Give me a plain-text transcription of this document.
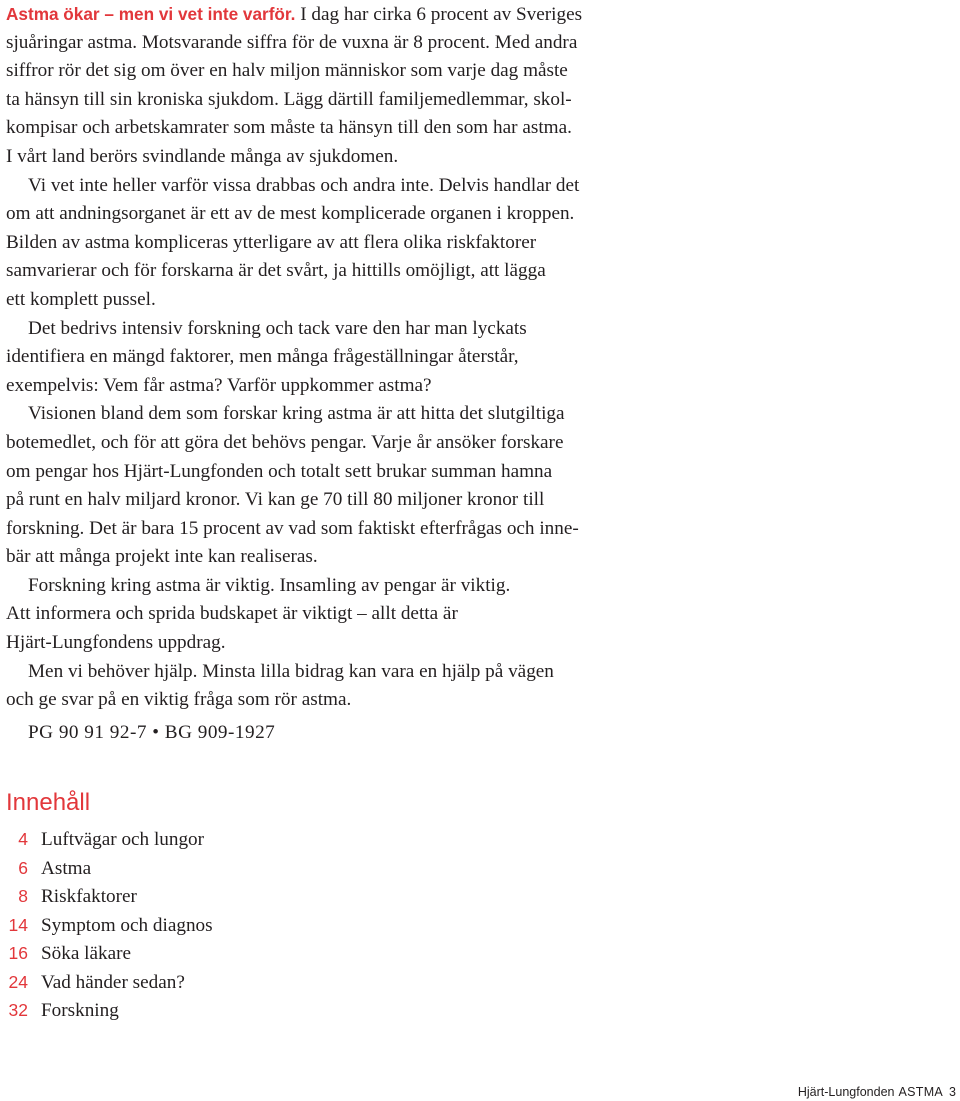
Astma ökar – men vi vet inte varför. I dag har cirka 6 procent av Sveriges
sjuåringar astma. Motsvarande siffra för de vuxna är 8 procent. Med andra
siffror rör det sig om över en halv miljon människor som varje dag måste
ta hänsyn till sin kroniska sjukdom. Lägg därtill familjemedlemmar, skol-
kompisar och arbetskamrater som måste ta hänsyn till den som har astma.
I vårt land berörs svindlande många av sjukdomen.
Vi vet inte heller varför vissa drabbas och andra inte. Delvis handlar det
om att andningsorganet är ett av de mest komplicerade organen i kroppen.
Bilden av astma kompliceras ytterligare av att flera olika riskfaktorer
samvarierar och för forskarna är det svårt, ja hittills omöjligt, att lägga
ett komplett pussel.
Det bedrivs intensiv forskning och tack vare den har man lyckats
identifiera en mängd faktorer, men många frågeställningar återstår,
exempelvis: Vem får astma? Varför uppkommer astma?
Visionen bland dem som forskar kring astma är att hitta det slutgiltiga
botemedlet, och för att göra det behövs pengar. Varje år ansöker forskare
om pengar hos Hjärt-Lungfonden och totalt sett brukar summan hamna
på runt en halv miljard kronor. Vi kan ge 70 till 80 miljoner kronor till
forskning. Det är bara 15 procent av vad som faktiskt efterfrågas och inne-
bär att många projekt inte kan realiseras.
Forskning kring astma är viktig. Insamling av pengar är viktig.
Att informera och sprida budskapet är viktigt – allt detta är
Hjärt-Lungfondens uppdrag.
Men vi behöver hjälp. Minsta lilla bidrag kan vara en hjälp på vägen
och ge svar på en viktig fråga som rör astma.
PG 90 91 92-7 • BG 909-1927
Innehåll
4 Luftvägar och lungor
6 Astma
8 Riskfaktorer
14 Symptom och diagnos
16 Söka läkare
24 Vad händer sedan?
32 Forskning
Hjärt-Lungfonden ASTMA 3
